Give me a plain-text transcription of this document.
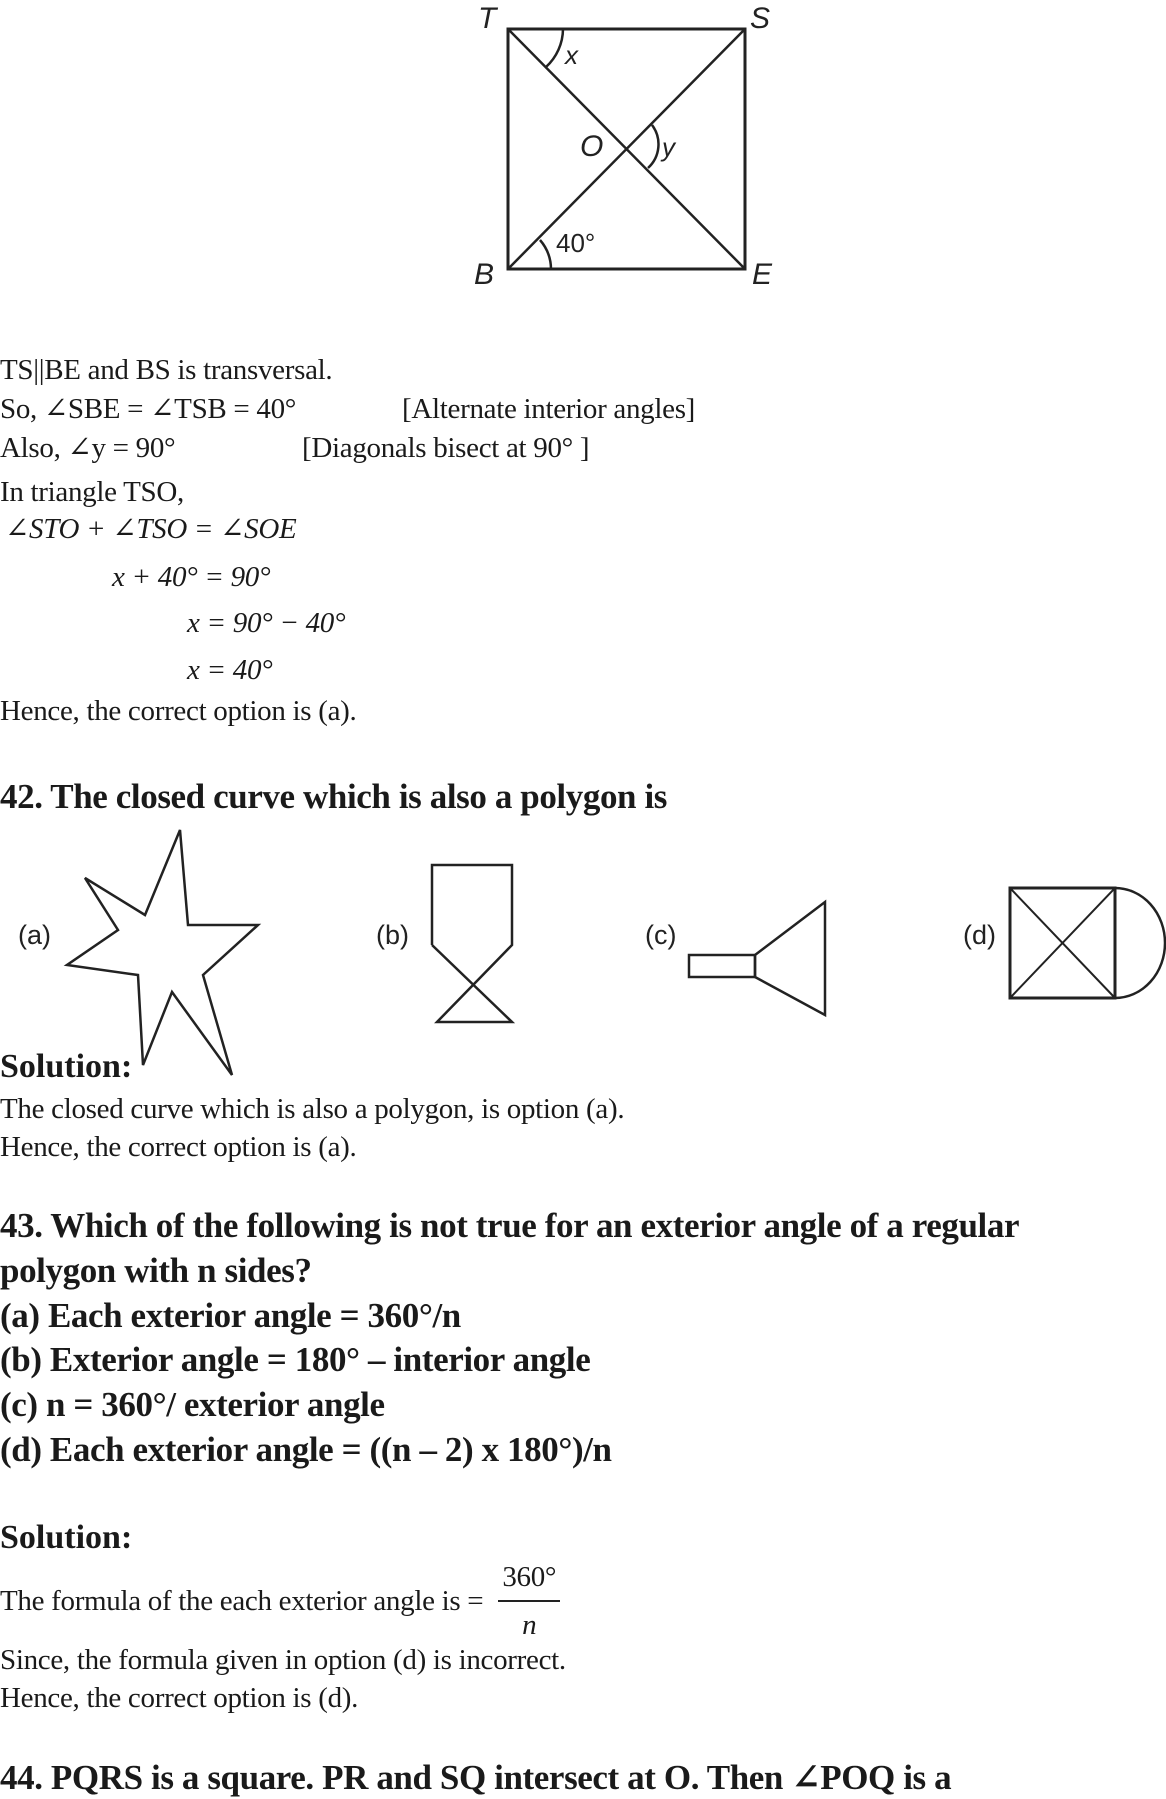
T	S
B	E
O
x
y
40°
TS||BE and BS is transversal.
So, ∠SBE = ∠TSB = 40°	[Alternate interior angles]
Also, ∠y = 90°	[Diagonals bisect at 90° ]
In triangle TSO,
∠STO + ∠TSO = ∠SOE
x + 40° = 90°
x = 90° − 40°
x = 40°
Hence, the correct option is (a).
42. The closed curve which is also a polygon is
(a)	(b)	(c)	(d)
Solution:
The closed curve which is also a polygon, is option (a).
Hence, the correct option is (a).
43. Which of the following is not true for an exterior angle of a regular
polygon with n sides?
(a) Each exterior angle = 360°/n
(b) Exterior angle = 180° – interior angle
(c) n = 360°/ exterior angle
(d) Each exterior angle = ((n – 2) x 180°)/n
Solution:
The formula of the each exterior angle is = $\frac{360^\circ}{n}$
Since, the formula given in option (d) is incorrect.
Hence, the correct option is (d).
44. PQRS is a square. PR and SQ intersect at O. Then ∠POQ is a
